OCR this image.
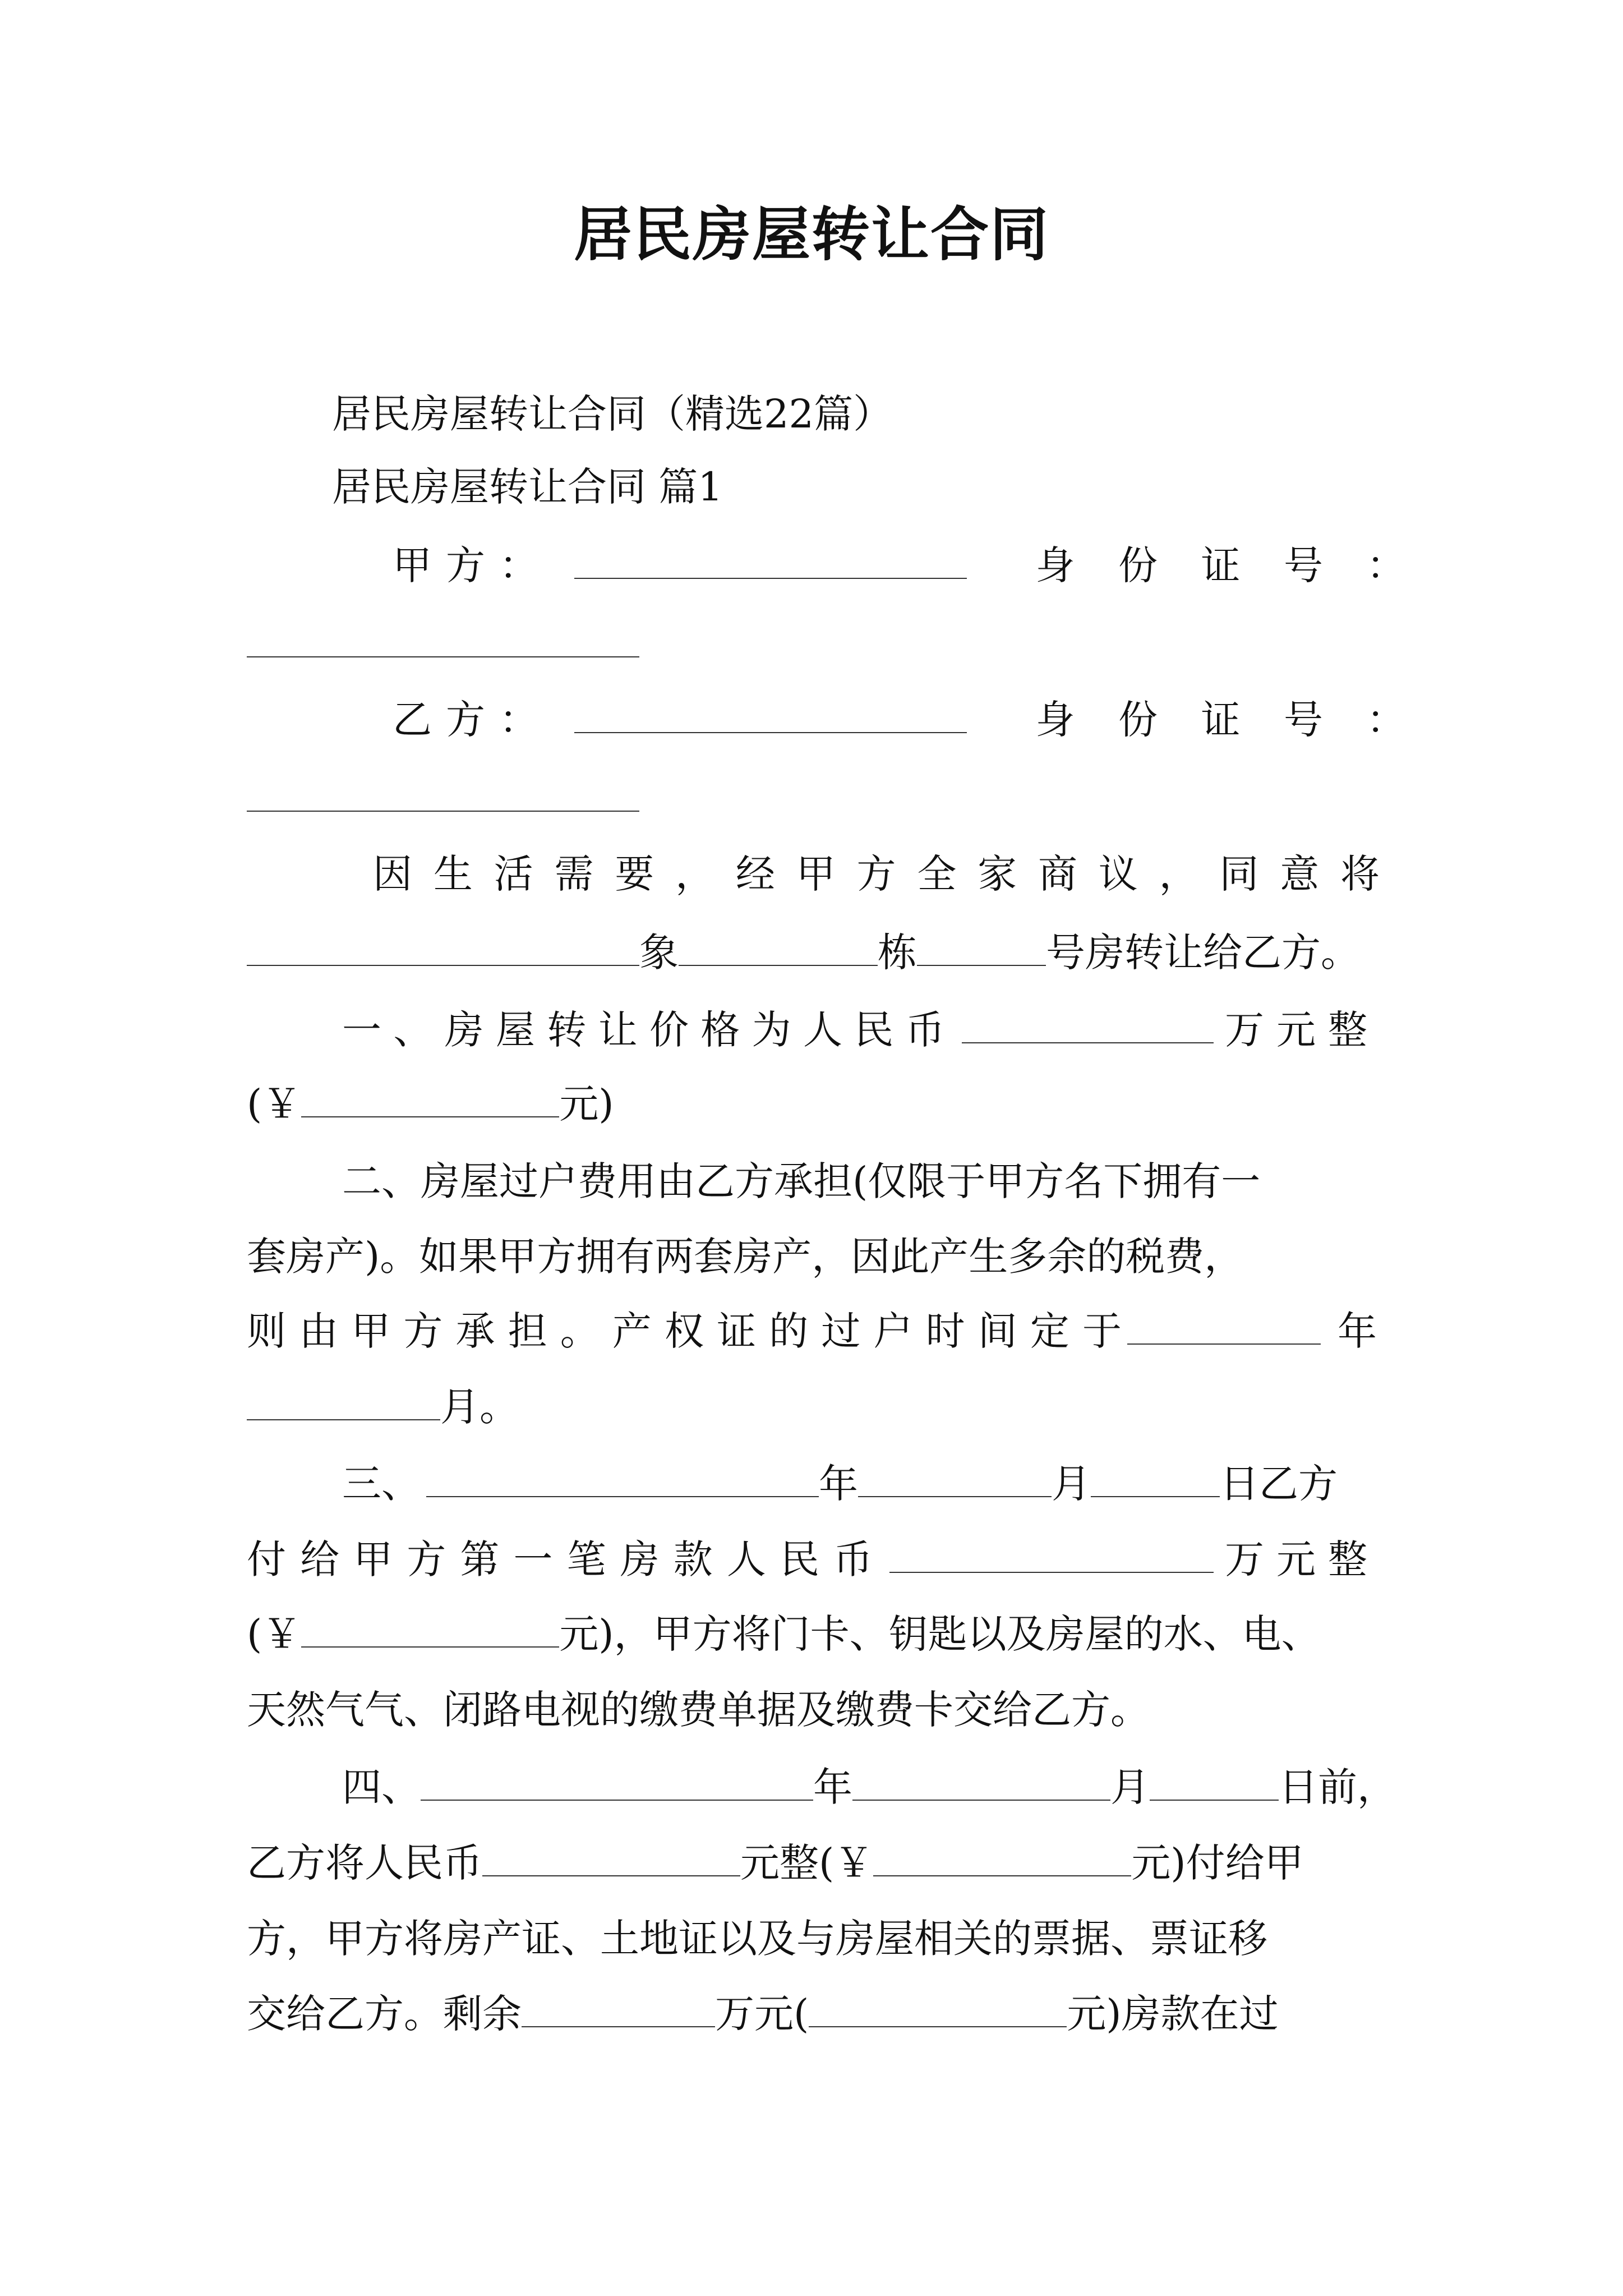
居民房屋转让合同
居民房屋转让合同（精选22篇）
居民房屋转让合同 篇1
甲 方 ：
	身 份 证 号 ：
乙 方 ：
	身 份 证 号 ：
因 生 活 需 要 ， 经 甲 方 全 家 商 议 ， 同 意 将
象	栋	号房转让给乙方。
一 、 房 屋 转 让 价 格 为 人 民 币	万元整
(￥	元)
二、房屋过户费用由乙方承担(仅限于甲方名下拥有一
套房产)。如果甲方拥有两套房产，因此产生多余的税费，
则 由 甲 方 承 担 。 产 权 证 的 过 户 时 间 定 于	年
月。
三、	年	月	日乙方
付 给 甲 方 第 一 笔 房 款 人 民 币	万元整
(￥	元)，甲方将门卡、钥匙以及房屋的水、电、
天然气气、闭路电视的缴费单据及缴费卡交给乙方。
四、	年	月	日前，
乙方将人民币	元整(￥	元)付给甲
方，甲方将房产证、土地证以及与房屋相关的票据、票证移
交给乙方。剩余	万元(	元)房款在过
